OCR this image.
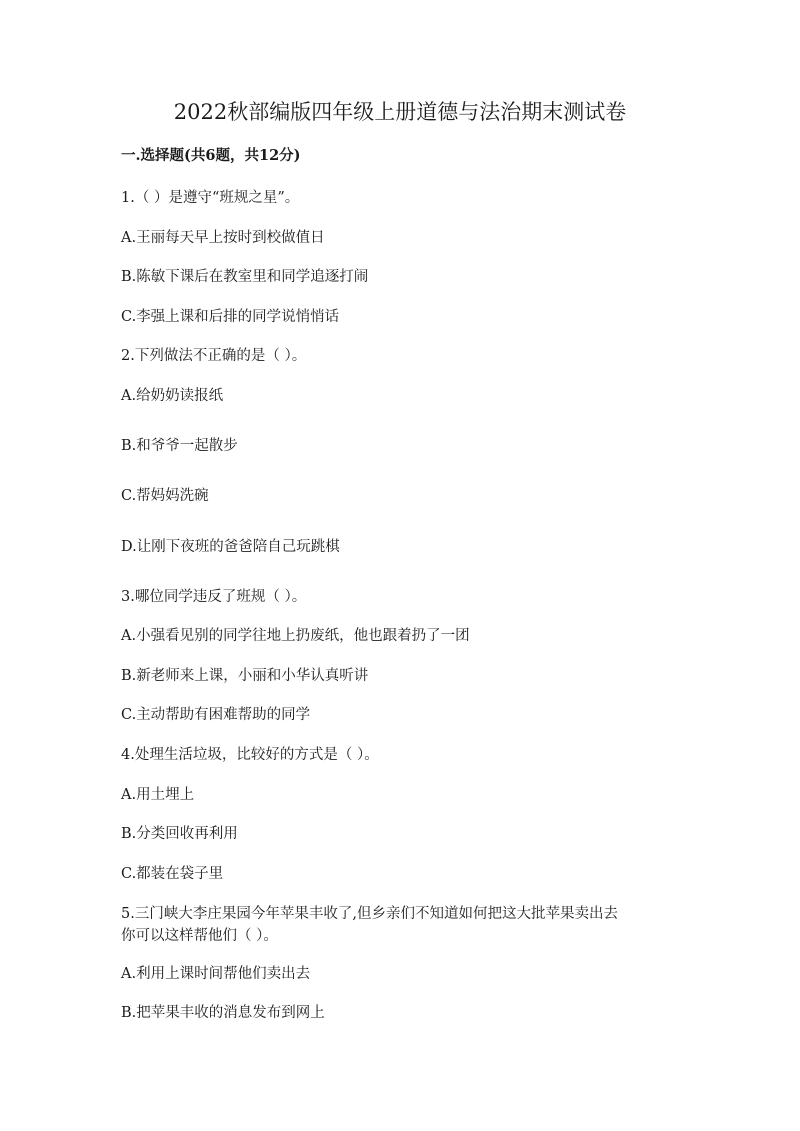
2022秋部编版四年级上册道德与法治期末测试卷
一.选择题(共6题，共12分)
1.（ ）是遵守“班规之星”。
A.王丽每天早上按时到校做值日
B.陈敏下课后在教室里和同学追逐打闹
C.李强上课和后排的同学说悄悄话
2.下列做法不正确的是（ ）。
A.给奶奶读报纸
B.和爷爷一起散步
C.帮妈妈洗碗
D.让刚下夜班的爸爸陪自己玩跳棋
3.哪位同学违反了班规（ ）。
A.小强看见别的同学往地上扔废纸，他也跟着扔了一团
B.新老师来上课，小丽和小华认真听讲
C.主动帮助有困难帮助的同学
4.处理生活垃圾，比较好的方式是（ ）。
A.用土埋上
B.分类回收再利用
C.都装在袋子里
5.三门峡大李庄果园今年苹果丰收了,但乡亲们不知道如何把这大批苹果卖出去
你可以这样帮他们（ ）。
A.利用上课时间帮他们卖出去
B.把苹果丰收的消息发布到网上
